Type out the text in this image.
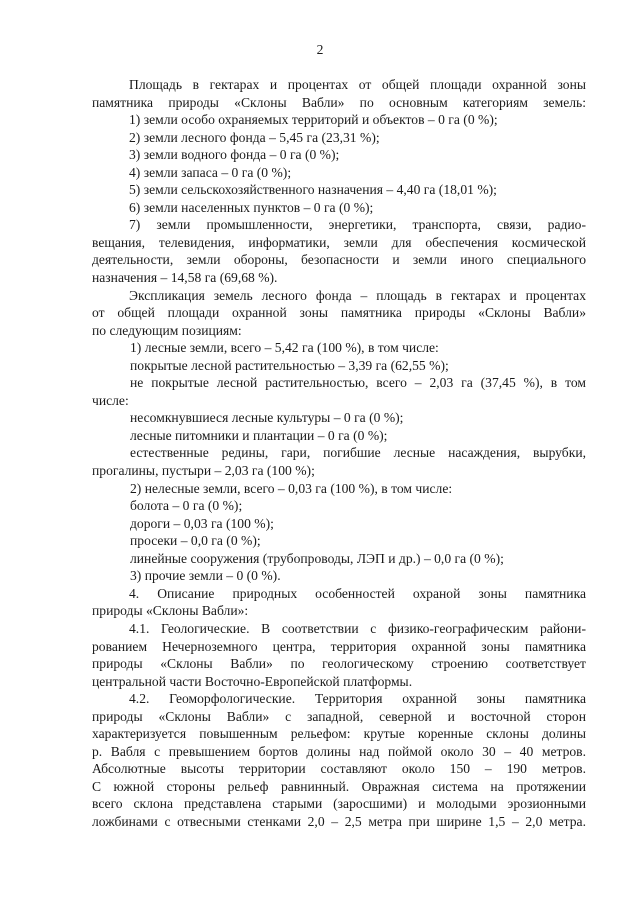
2
Площадь в гектарах и процентах от общей площади охранной зоны
памятника природы «Склоны Вабли» по основным категориям земель:
1) земли особо охраняемых территорий и объектов – 0 га (0 %);
2) земли лесного фонда – 5,45 га (23,31 %);
3) земли водного фонда – 0 га (0 %);
4) земли запаса – 0 га (0 %);
5) земли сельскохозяйственного назначения – 4,40 га (18,01 %);
6) земли населенных пунктов – 0 га (0 %);
7) земли промышленности, энергетики, транспорта, связи, радио-
вещания, телевидения, информатики, земли для обеспечения космической
деятельности, земли обороны, безопасности и земли иного специального
назначения – 14,58 га (69,68 %).
Экспликация земель лесного фонда – площадь в гектарах и процентах
от общей площади охранной зоны памятника природы «Склоны Вабли»
по следующим позициям:
1) лесные земли, всего – 5,42 га (100 %), в том числе:
покрытые лесной растительностью – 3,39 га (62,55 %);
не покрытые лесной растительностью, всего – 2,03 га (37,45 %), в том
числе:
несомкнувшиеся лесные культуры – 0 га (0 %);
лесные питомники и плантации – 0 га (0 %);
естественные редины, гари, погибшие лесные насаждения, вырубки,
прогалины, пустыри – 2,03 га (100 %);
2) нелесные земли, всего – 0,03 га (100 %), в том числе:
болота – 0 га (0 %);
дороги – 0,03 га (100 %);
просеки – 0,0 га (0 %);
линейные сооружения (трубопроводы, ЛЭП и др.) – 0,0 га (0 %);
3) прочие земли – 0 (0 %).
4. Описание природных особенностей охраной зоны памятника
природы «Склоны Вабли»:
4.1. Геологические. В соответствии с физико-географическим райони-
рованием Нечерноземного центра, территория охранной зоны памятника
природы «Склоны Вабли» по геологическому строению соответствует
центральной части Восточно-Европейской платформы.
4.2. Геоморфологические. Территория охранной зоны памятника
природы «Склоны Вабли» с западной, северной и восточной сторон
характеризуется повышенным рельефом: крутые коренные склоны долины
р. Вабля с превышением бортов долины над поймой около 30 – 40 метров.
Абсолютные высоты территории составляют около 150 – 190 метров.
С южной стороны рельеф равнинный. Овражная система на протяжении
всего склона представлена старыми (заросшими) и молодыми эрозионными
ложбинами с отвесными стенками 2,0 – 2,5 метра при ширине 1,5 – 2,0 метра.
